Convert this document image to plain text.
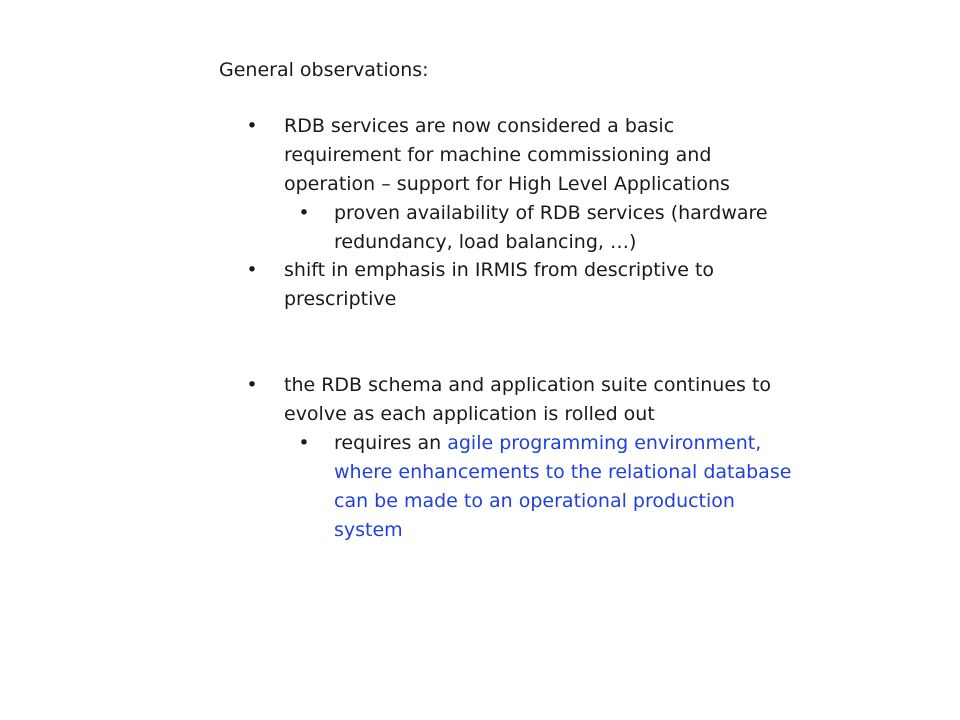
General observations:
• RDB services are now considered a basic
requirement for machine commissioning and
operation – support for High Level Applications
• proven availability of RDB services (hardware
redundancy, load balancing, …)
• shift in emphasis in IRMIS from descriptive to
prescriptive
• the RDB schema and application suite continues to
evolve as each application is rolled out
• requires an agile programming environment,
where enhancements to the relational database
can be made to an operational production
system
